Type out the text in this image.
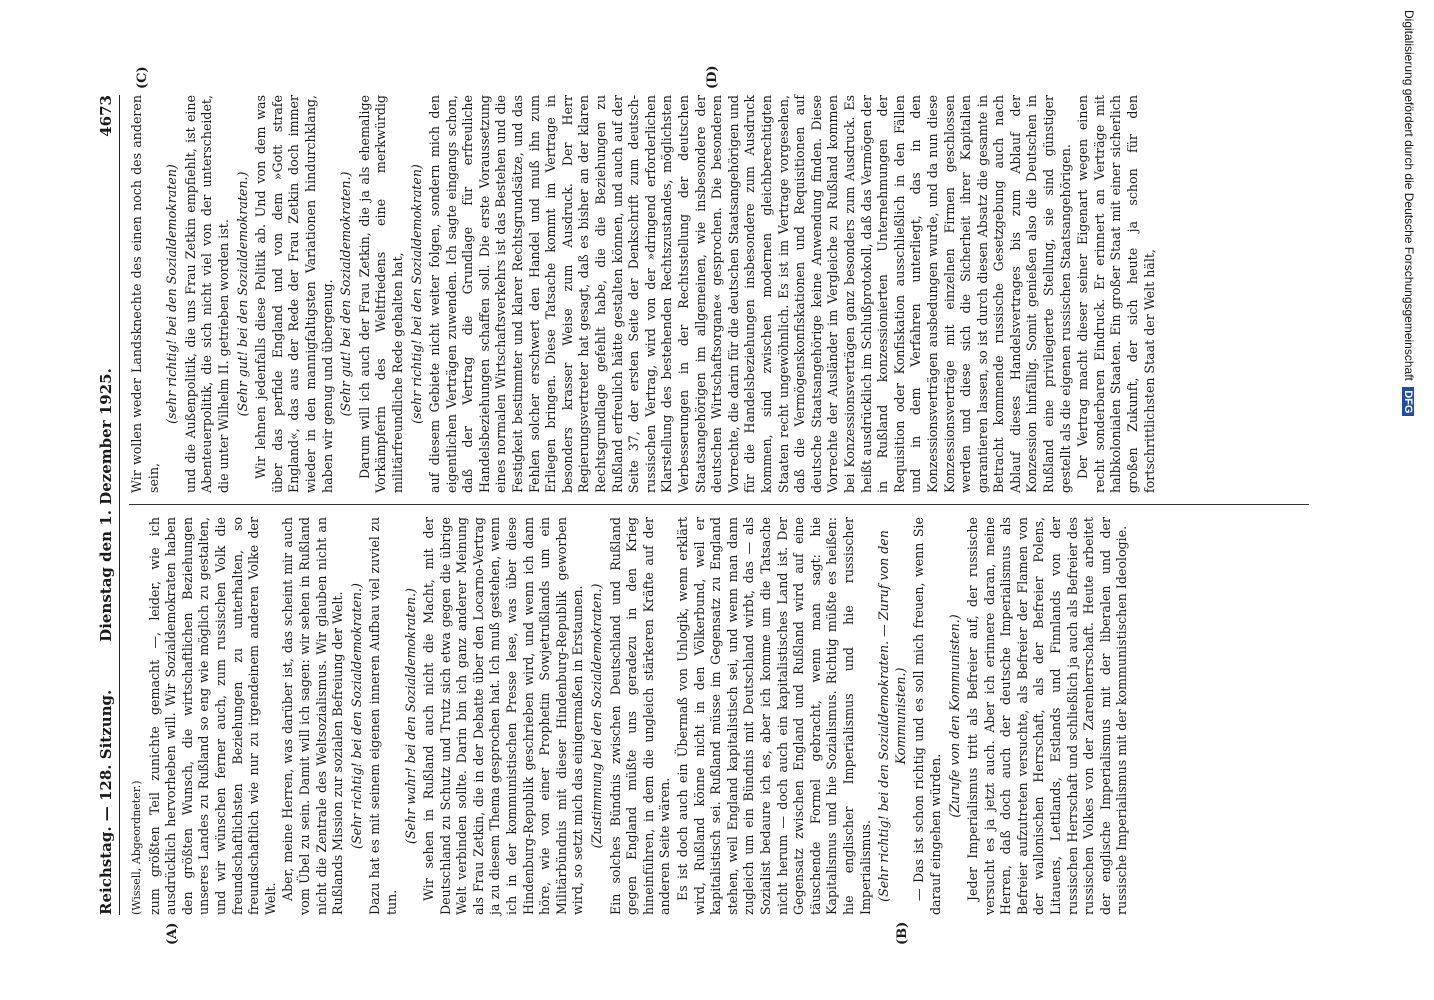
Reichstag. — 128. Sitzung.
Dienstag den 1. Dezember 1925.
4673

(Wissell, Abgeordneter.) zum größten Teil zunichte gemacht —, leider, wie ich ausdrücklich hervorheben will. Wir Sozialdemokraten haben den größten Wunsch, die wirtschaftlichen Beziehungen unseres Landes zu Rußland so eng wie möglich zu gestalten, und wir wünschen ferner auch, zum russischen Volk die freundschaftlichsten Beziehungen zu unterhalten, so freundschaftlich wie nur zu irgendeinem anderen Volke der Welt. Aber, meine Herren, was darüber ist, das scheint mir auch vom Übel zu sein. Damit will ich sagen: wir sehen in Rußland nicht die Zentrale des Weltsozialismus. Wir glauben nicht an Rußlands Mission zur sozialen Befreiung der Welt. (Sehr richtig! bei den Sozialdemokraten.) Dazu hat es mit seinem eigenen inneren Aufbau viel zuviel zu tun.

(Sehr wahr! bei den Sozialdemokraten.) Wir sehen in Rußland auch nicht die Macht, mit der Deutschland zu Schutz und Trutz sich etwa gegen die übrige Welt verbinden sollte. Darin bin ich ganz anderer Meinung als Frau Zetkin, die in der Debatte über den Locarno-Vertrag ja zu diesem Thema gesprochen hat. Ich muß gestehen, wenn ich in der kommunistischen Presse lese, was über diese Hindenburg-Republik geschrieben wird, und wenn ich dann höre, wie von einer Prophetin Sowjetrußlands um ein Militärbündnis mit dieser Hindenburg-Republik geworben wird, so setzt mich das einigermaßen in Erstaunen. (Zustimmung bei den Sozialdemokraten.) Ein solches Bündnis zwischen Deutschland und Rußland gegen England müßte uns geradezu in den Krieg hineinführen, in dem die ungleich stärkeren Kräfte auf der anderen Seite wären. Es ist doch auch ein Übermaß von Unlogik, wenn erklärt wird, Rußland könne nicht in den Völkerbund, weil er kapitalistisch sei. Rußland müsse im Gegensatz zu England stehen, weil England kapitalistisch sei, und wenn man dann zugleich um ein Bündnis mit Deutschland wirbt, das — als Sozialist bedaure ich es, aber ich komme um die Tatsache nicht herum — doch auch ein kapitalistisches Land ist. Der Gegensatz zwischen England und Rußland wird auf eine täuschende Formel gebracht, wenn man sagt: hie Kapitalismus und hie Sozialismus. Richtig müßte es heißen: hie englischer Imperialismus und hie russischer Imperialismus. (Sehr richtig! bei den Sozialdemokraten. — Zuruf von den Kommunisten.) — Das ist schon richtig und es soll mich freuen, wenn Sie darauf eingehen würden.

(Zurufe von den Kommunisten.) Jeder Imperialismus tritt als Befreier auf, der russische versucht es ja jetzt auch. Aber ich erinnere daran, meine Herren, daß doch auch der deutsche Imperialismus als Befreier aufzutreten versuchte, als Befreier der Flamen von der wallonischen Herrschaft, als der Befreier Polens, Litauens, Lettlands, Estlands und Finnlands von der russischen Herrschaft und schließlich ja auch als Befreier des russischen Volkes von der Zarenherrschaft. Heute arbeitet der englische Imperialismus mit der liberalen und der russische Imperialismus mit der kommunistischen Ideologie.

Wir wollen weder Landsknechte des einen noch des anderen sein,

(sehr richtig! bei den Sozialdemokraten) und die Außenpolitik, die uns Frau Zetkin empfiehlt, ist eine Abenteuerpolitik, die sich nicht viel von der unterscheidet, die unter Wilhelm II. getrieben worden ist. (Sehr gut! bei den Sozialdemokraten.) Wir lehnen jedenfalls diese Politik ab. Und von dem was über das perfide England und von dem »Gott strafe England«, das aus der Rede der Frau Zetkin doch immer wieder in den mannigfaltigsten Variationen hindurchklang, haben wir genug und übergenug. (Sehr gut! bei den Sozialdemokraten.) Darum will ich auch der Frau Zetkin, die ja als ehemalige Vorkämpferin des Weltfriedens eine merkwürdig militärfreundliche Rede gehalten hat, (sehr richtig! bei den Sozialdemokraten) auf diesem Gebiete nicht weiter folgen, sondern mich den eigentlichen Verträgen zuwenden. Ich sagte eingangs schon, daß der Vertrag die Grundlage für erfreuliche Handelsbeziehungen schaffen soll. Die erste Voraussetzung eines normalen Wirtschaftsverkehrs ist das Bestehen und die Festigkeit bestimmter und klarer Rechtsgrundsätze, und das Fehlen solcher erschwert den Handel und muß ihn zum Erliegen bringen. Diese Tatsache kommt im Vertrage in besonders krasser Weise zum Ausdruck. Der Herr Regierungsvertreter hat gesagt, daß es bisher an der klaren Rechtsgrundlage gefehlt habe, die die Beziehungen zu Rußland erfreulich hätte gestalten können, und auch auf der Seite 37, der ersten Seite der Denkschrift zum deutsch-russischen Vertrag, wird von der »dringend erforderlichen Klarstellung des bestehenden Rechtszustandes, möglichsten Verbesserungen in der Rechtsstellung der deutschen Staatsangehörigen im allgemeinen, wie insbesondere der deutschen Wirtschaftsorgane« gesprochen. Die besonderen Vorrechte, die darin für die deutschen Staatsangehörigen und für die Handelsbeziehungen insbesondere zum Ausdruck kommen, sind zwischen modernen gleichberechtigten Staaten recht ungewöhnlich. Es ist im Vertrage vorgesehen, daß die Vermögenskonfiskationen und Requisitionen auf deutsche Staatsangehörige keine Anwendung finden. Diese Vorrechte der Ausländer im Vergleiche zu Rußland kommen bei Konzessionsverträgen ganz besonders zum Ausdruck. Es heißt ausdrücklich im Schlußprotokoll, daß das Vermögen der in Rußland konzessionierten Unternehmungen der Requisition oder Konfiskation ausschließlich in den Fällen und in dem Verfahren unterliegt, das in den Konzessionsverträgen ausbedungen wurde, und da nun diese Konzessionsverträge mit einzelnen Firmen geschlossen werden und diese sich die Sicherheit ihrer Kapitalien garantieren lassen, so ist durch diesen Absatz die gesamte in Betracht kommende russische Gesetzgebung auch nach Ablauf dieses Handelsvertrages bis zum Ablauf der Konzession hinfällig. Somit genießen also die Deutschen in Rußland eine privilegierte Stellung, sie sind günstiger gestellt als die eigenen russischen Staatsangehörigen. Der Vertrag macht dieser seiner Eigenart wegen einen recht sonderbaren Eindruck. Er erinnert an Verträge mit halbkolonialen Staaten. Ein großer Staat mit einer sicherlich großen Zukunft, der sich heute ja schon für den fortschrittlichsten Staat der Welt hält,

(A)	(B)
(C)	(D)	Digitalisierung gefördert durch die Deutsche Forschungsgemeinschaft DFG
